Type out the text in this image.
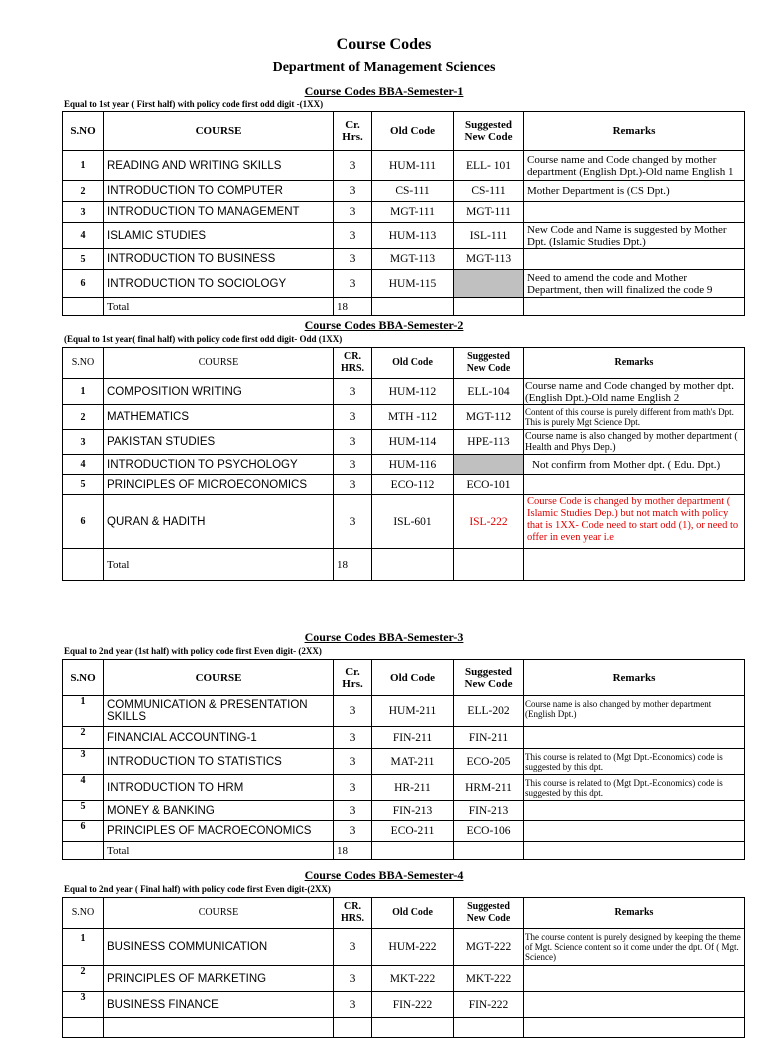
Course Codes
Department of Management Sciences
Course Codes BBA-Semester-1
Equal to 1st year ( First half) with policy code first odd digit -(1XX)
S.NO	COURSE	Cr. Hrs.	Old Code	Suggested New Code	Remarks
1	READING AND WRITING SKILLS	3	HUM-111	ELL- 101	Course name and Code changed by mother department (English Dpt.)-Old name English 1
2	INTRODUCTION TO COMPUTER	3	CS-111	CS-111	Mother Department is (CS Dpt.)
3	INTRODUCTION TO MANAGEMENT	3	MGT-111	MGT-111	
4	ISLAMIC STUDIES	3	HUM-113	ISL-111	New Code and Name is suggested by Mother Dpt. (Islamic Studies Dpt.)
5	INTRODUCTION TO BUSINESS	3	MGT-113	MGT-113	
6	INTRODUCTION TO SOCIOLOGY	3	HUM-115		Need to amend the code and Mother Department, then will finalized the code 9
	Total	18			
Course Codes BBA-Semester-2
(Equal to 1st year( final half) with policy code first odd digit- Odd (1XX)
S.NO	COURSE	CR. HRS.	Old Code	Suggested New Code	Remarks
1	COMPOSITION WRITING	3	HUM-112	ELL-104	Course name and Code changed by mother dpt. (English Dpt.)-Old name English 2
2	MATHEMATICS	3	MTH -112	MGT-112	Content of this course is purely different from math's Dpt. This is purely Mgt Science Dpt.
3	PAKISTAN STUDIES	3	HUM-114	HPE-113	Course name is also changed by mother department ( Health and Phys Dep.)
4	INTRODUCTION TO PSYCHOLOGY	3	HUM-116		Not confirm from Mother dpt. ( Edu. Dpt.)
5	PRINCIPLES OF MICROECONOMICS	3	ECO-112	ECO-101	
6	QURAN & HADITH	3	ISL-601	ISL-222	Course Code is changed by mother department ( Islamic Studies Dep.) but not match with policy that is 1XX- Code need to start odd (1), or need to offer in even year i.e
	Total	18			
Course Codes BBA-Semester-3
Equal to 2nd year (1st half) with policy code first Even digit- (2XX)
S.NO	COURSE	Cr. Hrs.	Old Code	Suggested New Code	Remarks
1	COMMUNICATION & PRESENTATION SKILLS	3	HUM-211	ELL-202	Course name is also changed by mother department (English Dpt.)
2	FINANCIAL ACCOUNTING-1	3	FIN-211	FIN-211	
3	INTRODUCTION TO STATISTICS	3	MAT-211	ECO-205	This course is related to (Mgt Dpt.-Economics) code is suggested by this dpt.
4	INTRODUCTION TO HRM	3	HR-211	HRM-211	This course is related to (Mgt Dpt.-Economics) code is suggested by this dpt.
5	MONEY & BANKING	3	FIN-213	FIN-213	
6	PRINCIPLES OF MACROECONOMICS	3	ECO-211	ECO-106	
	Total	18			
Course Codes BBA-Semester-4
Equal to 2nd year ( Final half) with policy code first Even digit-(2XX)
S.NO	COURSE	CR. HRS.	Old Code	Suggested New Code	Remarks
1	BUSINESS COMMUNICATION	3	HUM-222	MGT-222	The course content is purely designed by keeping the theme of Mgt. Science content so it come under the dpt. Of ( Mgt. Science)
2	PRINCIPLES OF MARKETING	3	MKT-222	MKT-222	
3	BUSINESS FINANCE	3	FIN-222	FIN-222	
